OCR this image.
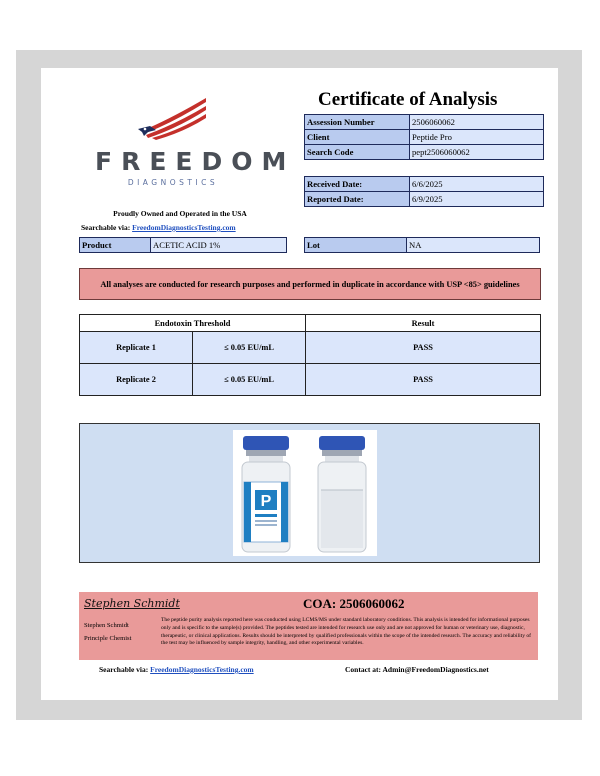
FREEDOM
DIAGNOSTICS
Proudly Owned and Operated in the USA
Searchable via: FreedomDiagnosticsTesting.com
Certificate of Analysis
Assession Number	2506060062
Client	Peptide Pro
Search Code	pept2506060062
Received Date:	6/6/2025
Reported Date:	6/9/2025
Product	ACETIC ACID 1%	Lot	NA
All analyses are conducted for research purposes and performed in duplicate in accordance with USP <85> guidelines
Endotoxin Threshold		Result
Replicate 1	≤ 0.05 EU/mL	PASS
Replicate 2	≤ 0.05 EU/mL	PASS
P
Stephen Schmidt	COA: 2506060062
Stephen Schmidt
Principle Chemist
The peptide purity analysis reported here was conducted using LCMS/MS under standard laboratory conditions. This analysis is intended for informational purposes only and is specific to the sample(s) provided. The peptides tested are intended for research use only and are not approved for human or veterinary use, diagnostic, therapeutic, or clinical applications. Results should be interpreted by qualified professionals within the scope of the intended research. The accuracy and reliability of the test may be influenced by sample integrity, handling, and other experimental variables.
Searchable via: FreedomDiagnosticsTesting.com	Contact at: Admin@FreedomDiagnostics.net
